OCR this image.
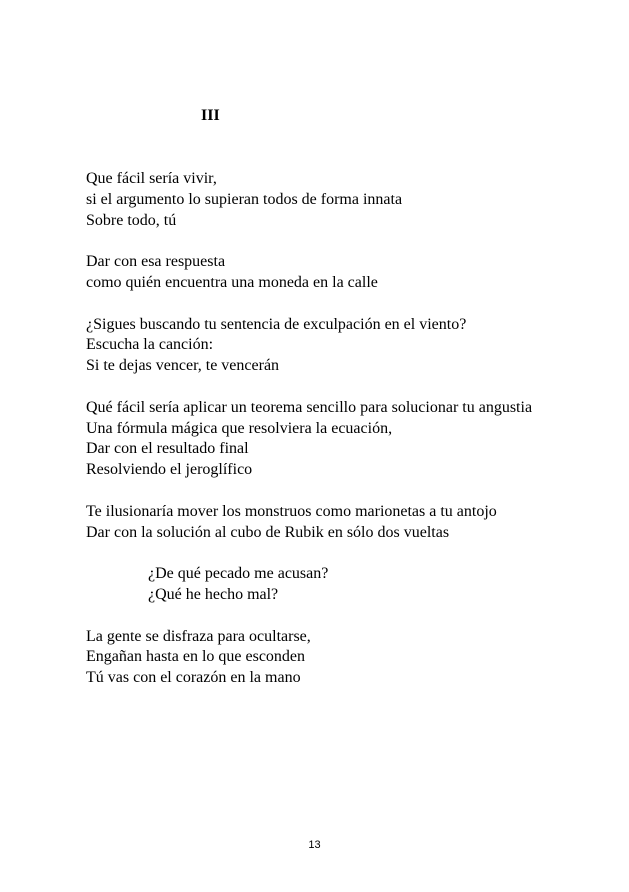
III
Que fácil sería vivir,
si el argumento lo supieran todos de forma innata
Sobre todo, tú
Dar con esa respuesta
como quién encuentra una moneda en la calle
¿Sigues buscando tu sentencia de exculpación en el viento?
Escucha la canción:
Si te dejas vencer, te vencerán
Qué fácil sería aplicar un teorema sencillo para solucionar tu angustia
Una fórmula mágica que resolviera la ecuación,
Dar con el resultado final
Resolviendo el jeroglífico
Te ilusionaría mover los monstruos como marionetas a tu antojo
Dar con la solución al cubo de Rubik en sólo dos vueltas
¿De qué pecado me acusan?
¿Qué he hecho mal?
La gente se disfraza para ocultarse,
Engañan hasta en lo que esconden
Tú vas con el corazón en la mano
13
